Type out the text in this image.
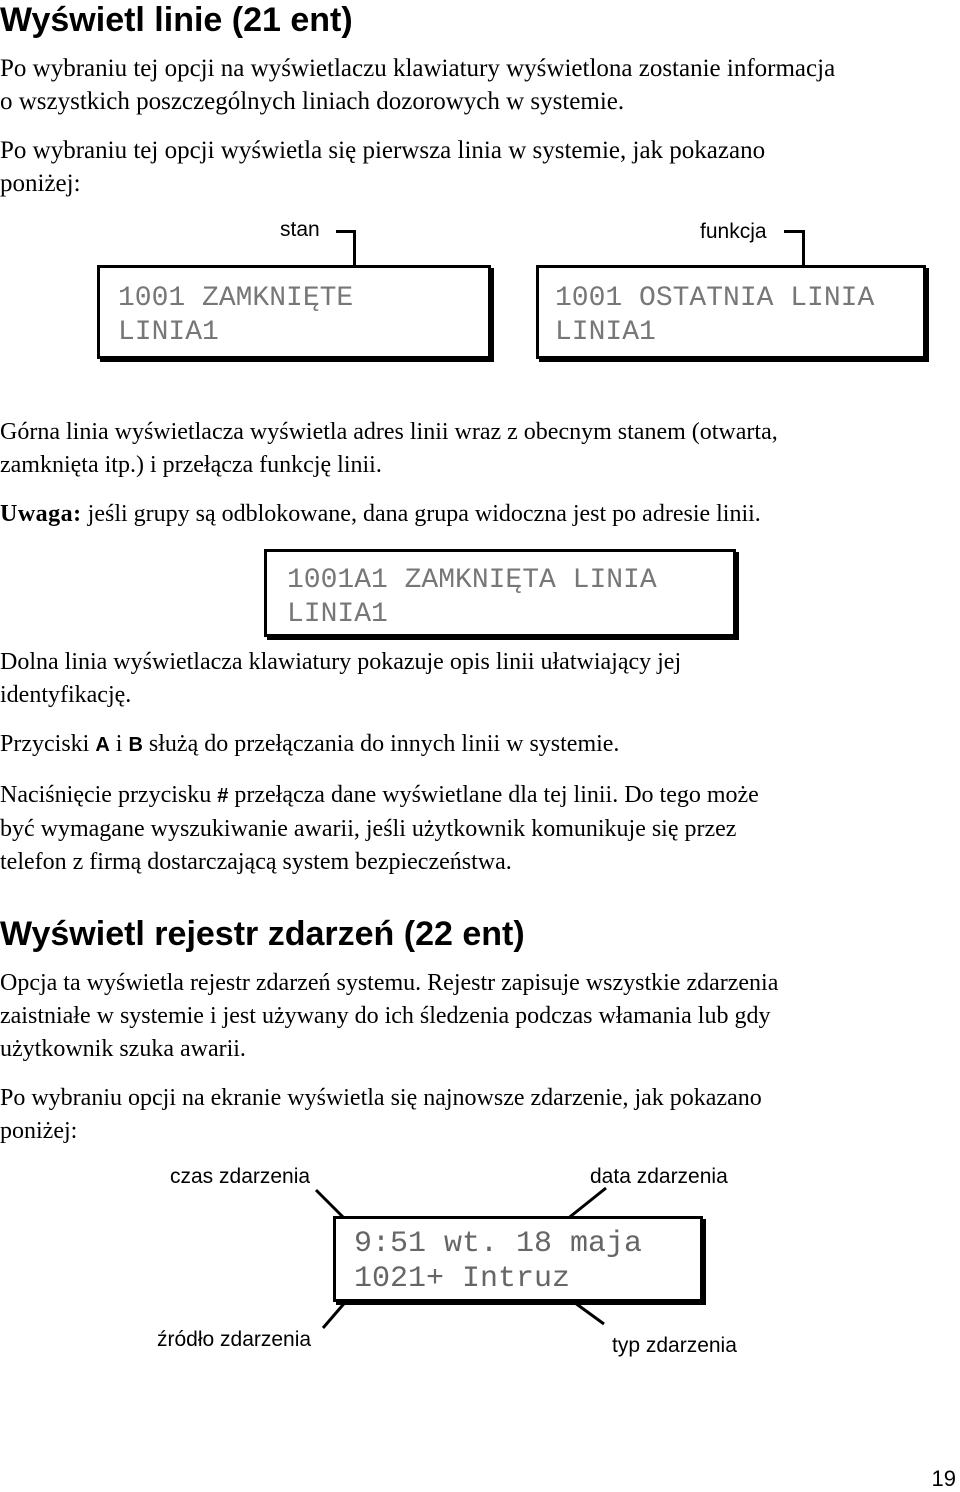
Wyświetl linie (21 ent)
Po wybraniu tej opcji na wyświetlaczu klawiatury wyświetlona zostanie informacja
o wszystkich poszczególnych liniach dozorowych w systemie.
Po wybraniu tej opcji wyświetla się pierwsza linia w systemie, jak pokazano
poniżej:
stan	funkcja
1001 ZAMKNIĘTE
LINIA1
1001 OSTATNIA LINIA
LINIA1
Górna linia wyświetlacza wyświetla adres linii wraz z obecnym stanem (otwarta,
zamknięta itp.) i przełącza funkcję linii.
Uwaga: jeśli grupy są odblokowane, dana grupa widoczna jest po adresie linii.
1001A1 ZAMKNIĘTA LINIA
LINIA1
Dolna linia wyświetlacza klawiatury pokazuje opis linii ułatwiający jej
identyfikację.
Przyciski A i B służą do przełączania do innych linii w systemie.
Naciśnięcie przycisku # przełącza dane wyświetlane dla tej linii. Do tego może
być wymagane wyszukiwanie awarii, jeśli użytkownik komunikuje się przez
telefon z firmą dostarczającą system bezpieczeństwa.
Wyświetl rejestr zdarzeń (22 ent)
Opcja ta wyświetla rejestr zdarzeń systemu. Rejestr zapisuje wszystkie zdarzenia
zaistniałe w systemie i jest używany do ich śledzenia podczas włamania lub gdy
użytkownik szuka awarii.
Po wybraniu opcji na ekranie wyświetla się najnowsze zdarzenie, jak pokazano
poniżej:
czas zdarzenia	data zdarzenia
źródło zdarzenia	typ zdarzenia
9:51 wt. 18 maja
1021+ Intruz
19
